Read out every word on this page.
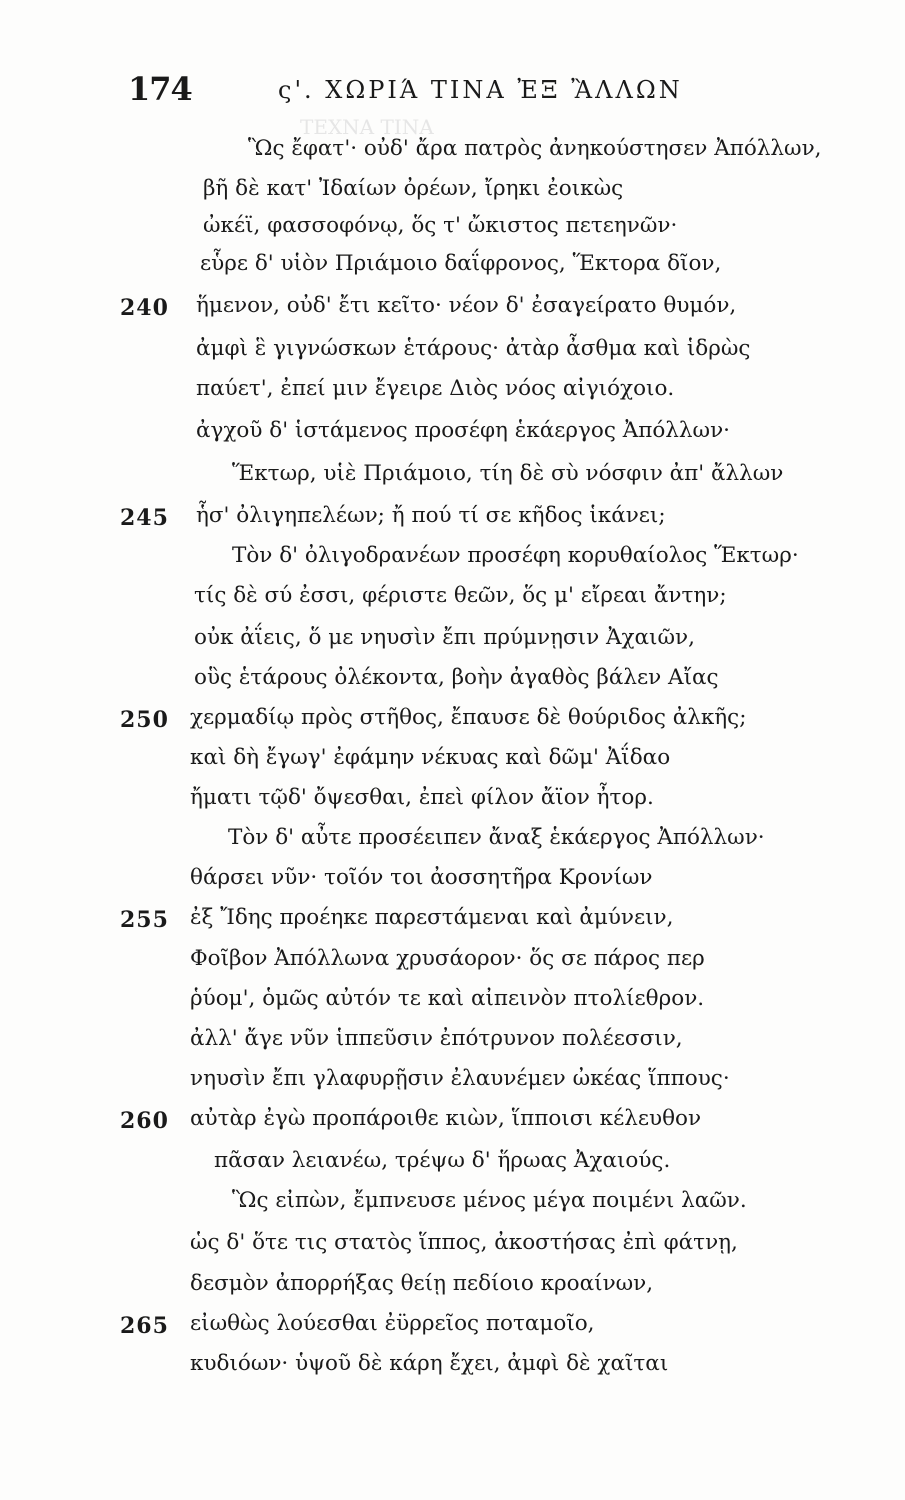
ΤΕΧΝΑ ΤΙΝΑ
174	ς'. ΧΩΡΙΆ ΤΙΝΑ ἘΞ ἊΛΛΩΝ
Ὣς ἔφατ'· οὐδ' ἄρα πατρὸς ἀνηκούστησεν Ἀπόλλων,
βῆ δὲ κατ' Ἰδαίων ὀρέων, ἴρηκι ἐοικὼς
ὠκέϊ, φασσοφόνῳ, ὅς τ' ὤκιστος πετεηνῶν·
εὗρε δ' υἱὸν Πριάμοιο δαΐφρονος, Ἕκτορα δῖον,
240 ἥμενον, οὐδ' ἔτι κεῖτο· νέον δ' ἐσαγείρατο θυμόν,
ἀμφὶ ἓ γιγνώσκων ἑτάρους· ἀτὰρ ἆσθμα καὶ ἱδρὼς
παύετ', ἐπεί μιν ἔγειρε Διὸς νόος αἰγιόχοιο.
ἀγχοῦ δ' ἱστάμενος προσέφη ἑκάεργος Ἀπόλλων·
Ἕκτωρ, υἱὲ Πριάμοιο, τίη δὲ σὺ νόσφιν ἀπ' ἄλλων
245 ἧσ' ὀλιγηπελέων; ἤ πού τί σε κῆδος ἱκάνει;
Τὸν δ' ὀλιγοδρανέων προσέφη κορυθαίολος Ἕκτωρ·
τίς δὲ σύ ἐσσι, φέριστε θεῶν, ὅς μ' εἴρεαι ἄντην;
οὐκ ἀΐεις, ὅ με νηυσὶν ἔπι πρύμνῃσιν Ἀχαιῶν,
οὓς ἑτάρους ὀλέκοντα, βοὴν ἀγαθὸς βάλεν Αἴας
250 χερμαδίῳ πρὸς στῆθος, ἔπαυσε δὲ θούριδος ἀλκῆς;
καὶ δὴ ἔγωγ' ἐφάμην νέκυας καὶ δῶμ' Ἀΐδαο
ἤματι τῷδ' ὄψεσθαι, ἐπεὶ φίλον ἄϊον ἦτορ.
Τὸν δ' αὖτε προσέειπεν ἄναξ ἑκάεργος Ἀπόλλων·
θάρσει νῦν· τοῖόν τοι ἀοσσητῆρα Κρονίων
255 ἐξ Ἴδης προέηκε παρεστάμεναι καὶ ἀμύνειν,
Φοῖβον Ἀπόλλωνα χρυσάορον· ὅς σε πάρος περ
ῥύομ', ὁμῶς αὐτόν τε καὶ αἰπεινὸν πτολίεθρον.
ἀλλ' ἄγε νῦν ἱππεῦσιν ἐπότρυνον πολέεσσιν,
νηυσὶν ἔπι γλαφυρῇσιν ἐλαυνέμεν ὠκέας ἵππους·
260 αὐτὰρ ἐγὼ προπάροιθε κιὼν, ἵπποισι κέλευθον
πᾶσαν λειανέω, τρέψω δ' ἥρωας Ἀχαιούς.
Ὣς εἰπὼν, ἔμπνευσε μένος μέγα ποιμένι λαῶν.
ὡς δ' ὅτε τις στατὸς ἵππος, ἀκοστήσας ἐπὶ φάτνῃ,
δεσμὸν ἀπορρήξας θείῃ πεδίοιο κροαίνων,
265 εἰωθὼς λούεσθαι ἐϋρρεῖος ποταμοῖο,
κυδιόων· ὑψοῦ δὲ κάρη ἔχει, ἀμφὶ δὲ χαῖται
